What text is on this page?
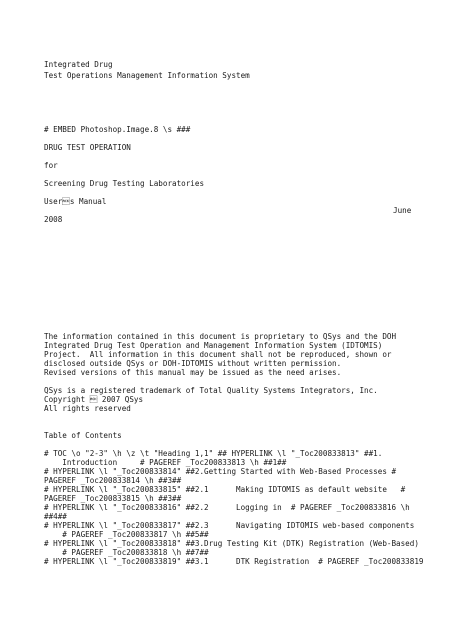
Integrated Drug
Test Operations Management Information System
# EMBED Photoshop.Image.8 \s ###
DRUG TEST OPERATION
for
Screening Drug Testing Laboratories
Users Manual
June
2008
The information contained in this document is proprietary to QSys and the DOH
Integrated Drug Test Operation and Management Information System (IDTOMIS)
Project.  All information in this document shall not be reproduced, shown or
disclosed outside QSys or DOH-IDTOMIS without written permission.
Revised versions of this manual may be issued as the need arises.
QSys is a registered trademark of Total Quality Systems Integrators, Inc.
Copyright  2007 QSys
All rights reserved
Table of Contents
# TOC \o "2-3" \h \z \t "Heading 1,1" ## HYPERLINK \l "_Toc200833813" ##1.
Introduction     # PAGEREF _Toc200833813 \h ##1##
# HYPERLINK \l "_Toc200833814" ##2.Getting Started with Web-Based Processes #
PAGEREF _Toc200833814 \h ##3##
# HYPERLINK \l "_Toc200833815" ##2.1      Making IDTOMIS as default website   #
PAGEREF _Toc200833815 \h ##3##
# HYPERLINK \l "_Toc200833816" ##2.2      Logging in  # PAGEREF _Toc200833816 \h
##4##
# HYPERLINK \l "_Toc200833817" ##2.3      Navigating IDTOMIS web-based components
# PAGEREF _Toc200833817 \h ##5##
# HYPERLINK \l "_Toc200833818" ##3.Drug Testing Kit (DTK) Registration (Web-Based)
# PAGEREF _Toc200833818 \h ##7##
# HYPERLINK \l "_Toc200833819" ##3.1      DTK Registration  # PAGEREF _Toc200833819
